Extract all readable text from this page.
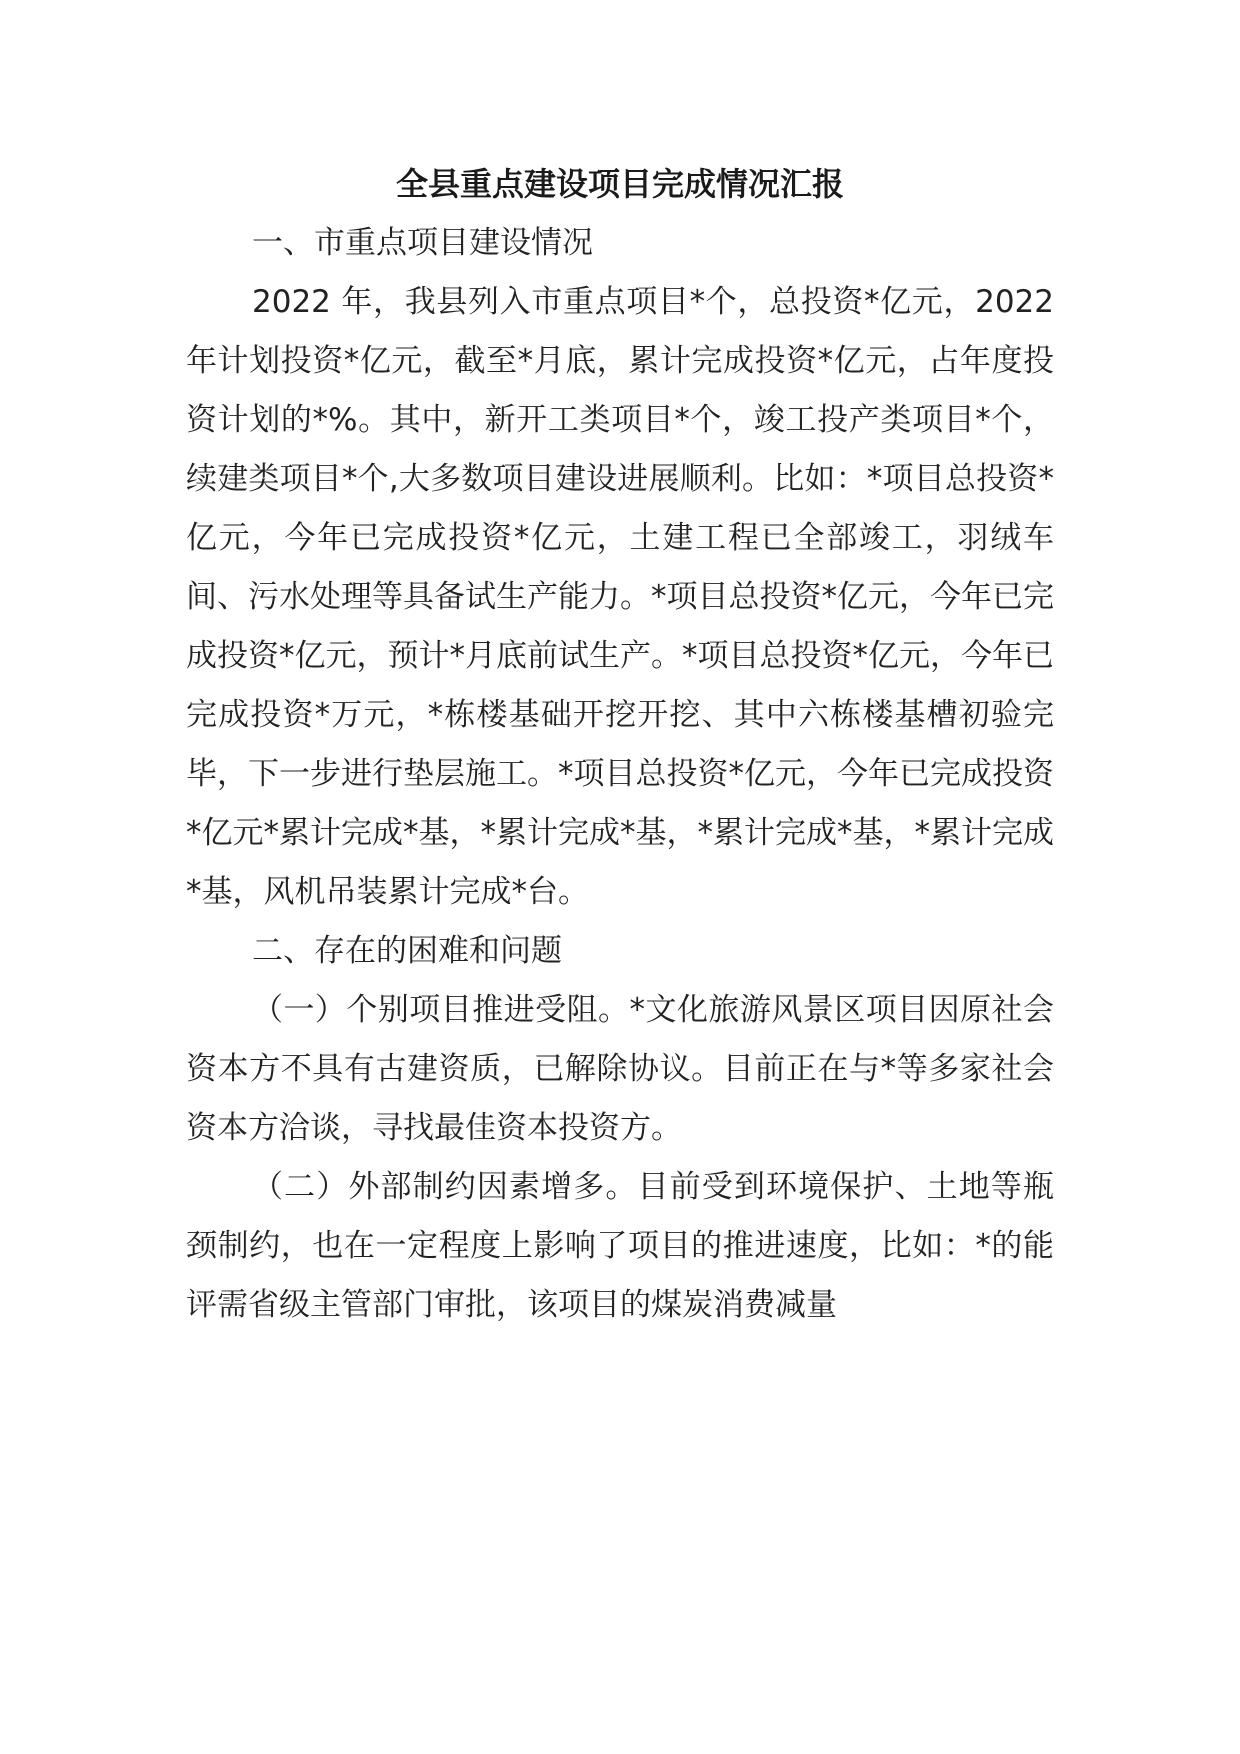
全县重点建设项目完成情况汇报
一、市重点项目建设情况

2022 年，我县列入市重点项目*个，总投资*亿元，2022 年计划投资*亿元，截至*月底，累计完成投资*亿元，占年度投资计划的*%。其中，新开工类项目*个，竣工投产类项目*个，续建类项目*个,大多数项目建设进展顺利。比如：*项目总投资*亿元，今年已完成投资*亿元，土建工程已全部竣工，羽绒车间、污水处理等具备试生产能力。*项目总投资*亿元，今年已完成投资*亿元，预计*月底前试生产。*项目总投资*亿元，今年已完成投资*万元，*栋楼基础开挖开挖、其中六栋楼基槽初验完毕，下一步进行垫层施工。*项目总投资*亿元，今年已完成投资*亿元*累计完成*基，*累计完成*基，*累计完成*基，*累计完成*基，风机吊装累计完成*台。

二、存在的困难和问题

（一）个别项目推进受阻。*文化旅游风景区项目因原社会资本方不具有古建资质，已解除协议。目前正在与*等多家社会资本方洽谈，寻找最佳资本投资方。

（二）外部制约因素增多。目前受到环境保护、土地等瓶颈制约，也在一定程度上影响了项目的推进速度，比如：*的能评需省级主管部门审批，该项目的煤炭消费减量
